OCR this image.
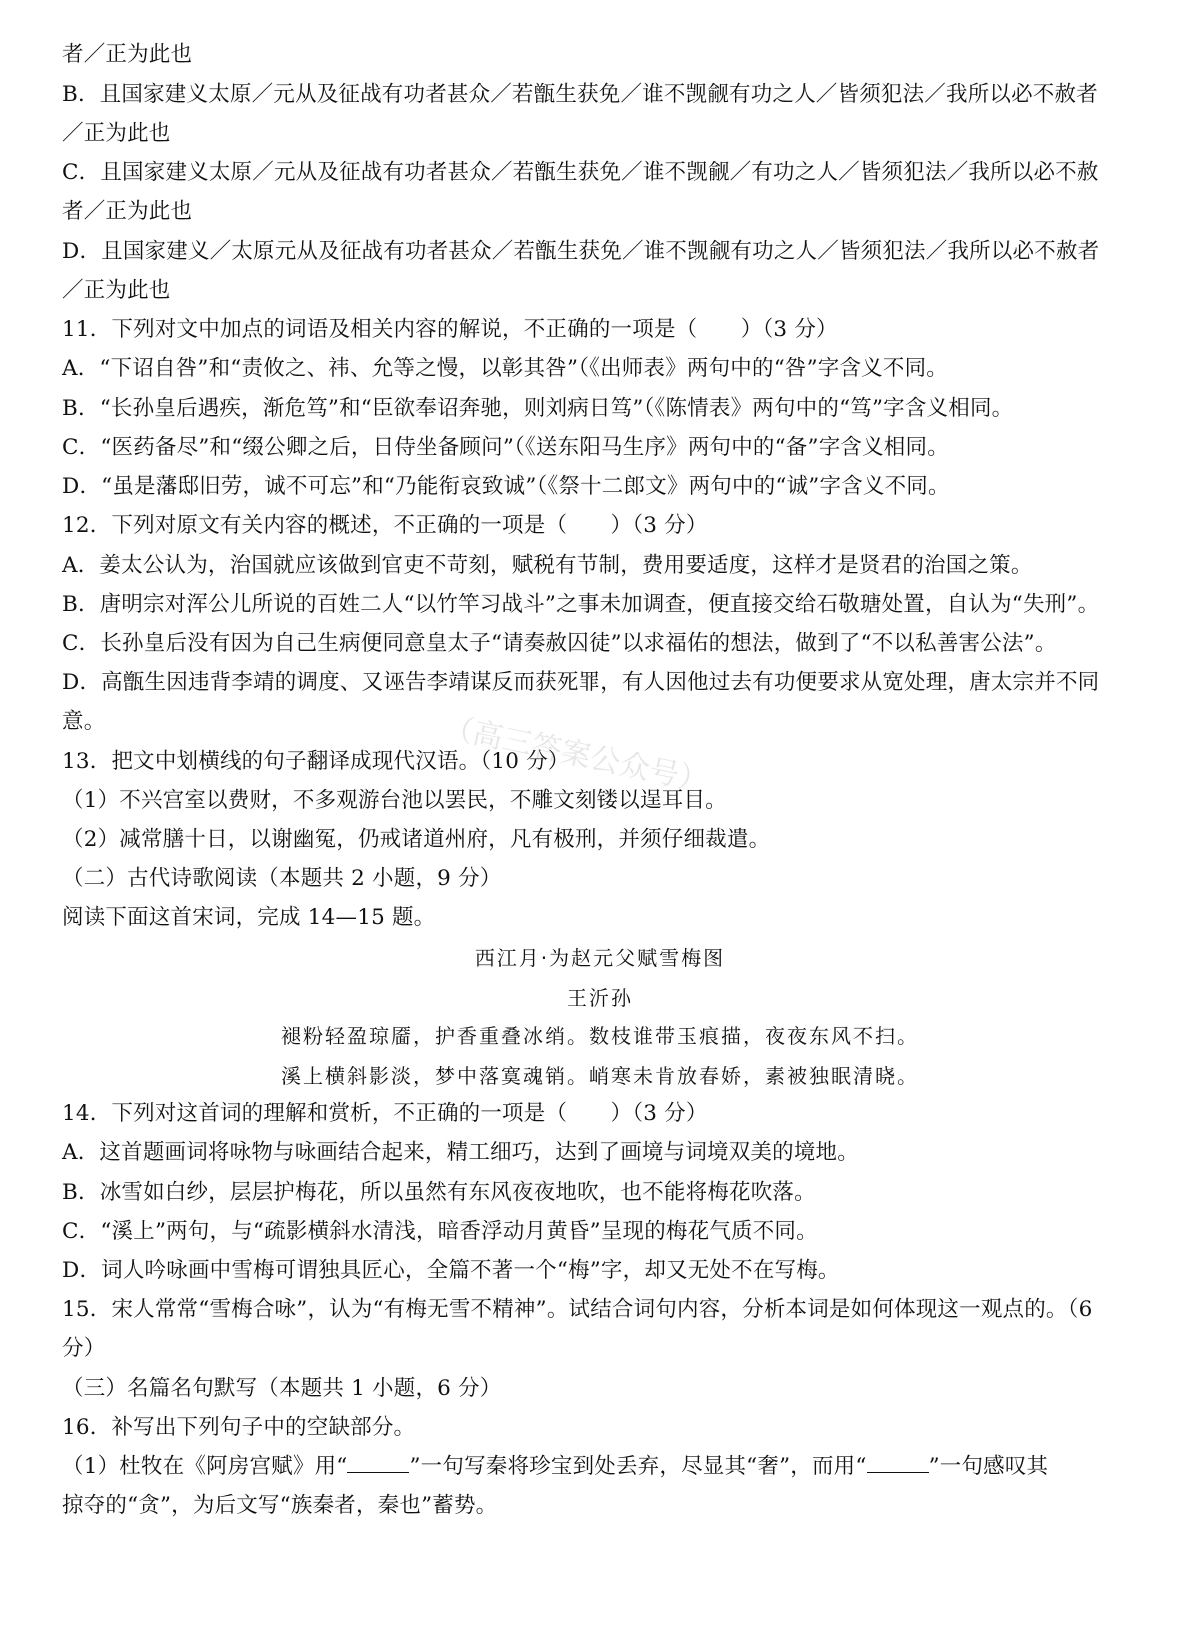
者／正为此也
B．且国家建义太原／元从及征战有功者甚众／若甑生获免／谁不觊觎有功之人／皆须犯法／我所以必不赦者
／正为此也
C．且国家建义太原／元从及征战有功者甚众／若甑生获免／谁不觊觎／有功之人／皆须犯法／我所以必不赦
者／正为此也
D．且国家建义／太原元从及征战有功者甚众／若甑生获免／谁不觊觎有功之人／皆须犯法／我所以必不赦者
／正为此也
11．下列对文中加点的词语及相关内容的解说，不正确的一项是（　　）（3 分）
A．“下诏自咎”和“责攸之、祎、允等之慢，以彰其咎”（《出师表》两句中的“咎”字含义不同。
B．“长孙皇后遇疾，渐危笃”和“臣欲奉诏奔驰，则刘病日笃”（《陈情表》两句中的“笃”字含义相同。
C．“医药备尽”和“缀公卿之后，日侍坐备顾问”（《送东阳马生序》两句中的“备”字含义相同。
D．“虽是藩邸旧劳，诚不可忘”和“乃能衔哀致诚”（《祭十二郎文》两句中的“诚”字含义不同。
12．下列对原文有关内容的概述，不正确的一项是（　　）（3 分）
A．姜太公认为，治国就应该做到官吏不苛刻，赋税有节制，费用要适度，这样才是贤君的治国之策。
B．唐明宗对浑公儿所说的百姓二人“以竹竿习战斗”之事未加调查，便直接交给石敬瑭处置，自认为“失刑”。
C．长孙皇后没有因为自己生病便同意皇太子“请奏赦囚徒”以求福佑的想法，做到了“不以私善害公法”。
D．高甑生因违背李靖的调度、又诬告李靖谋反而获死罪，有人因他过去有功便要求从宽处理，唐太宗并不同
意。
13．把文中划横线的句子翻译成现代汉语。（10 分）
（1）不兴宫室以费财，不多观游台池以罢民，不雕文刻镂以逞耳目。
（2）减常膳十日，以谢幽冤，仍戒诸道州府，凡有极刑，并须仔细裁遣。
（二）古代诗歌阅读（本题共 2 小题，9 分）
阅读下面这首宋词，完成 14—15 题。
西江月·为赵元父赋雪梅图
王沂孙
褪粉轻盈琼靥，护香重叠冰绡。数枝谁带玉痕描，夜夜东风不扫。
溪上横斜影淡，梦中落寞魂销。峭寒未肯放春娇，素被独眠清晓。
14．下列对这首词的理解和赏析，不正确的一项是（　　）（3 分）
A．这首题画词将咏物与咏画结合起来，精工细巧，达到了画境与词境双美的境地。
B．冰雪如白纱，层层护梅花，所以虽然有东风夜夜地吹，也不能将梅花吹落。
C．“溪上”两句，与“疏影横斜水清浅，暗香浮动月黄昏”呈现的梅花气质不同。
D．词人吟咏画中雪梅可谓独具匠心，全篇不著一个“梅”字，却又无处不在写梅。
15．宋人常常“雪梅合咏”，认为“有梅无雪不精神”。试结合词句内容，分析本词是如何体现这一观点的。（6
分）
（三）名篇名句默写（本题共 1 小题，6 分）
16．补写出下列句子中的空缺部分。
（1）杜牧在《阿房宫赋》用“	”一句写秦将珍宝到处丢弃，尽显其“奢”，而用“	”一句感叹其
掠夺的“贪”，为后文写“族秦者，秦也”蓄势。
（高三答案公众号）
